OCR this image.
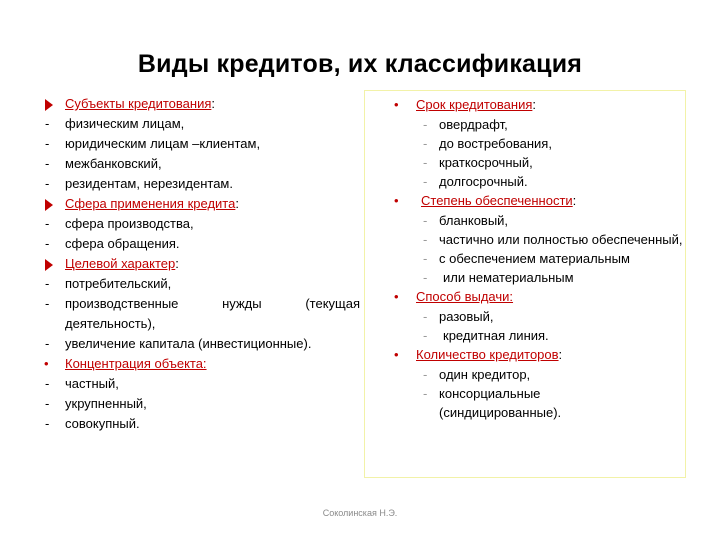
Виды кредитов, их классификация
Субъекты кредитования:
-	физическим лицам,
-	юридическим лицам –клиентам,
-	межбанковский,
-	резидентам, нерезидентам.
Сфера применения кредита:
-	сфера производства,
-	сфера обращения.
Целевой характер:
-	потребительский,
-	производственные нужды (текущая деятельность),
-	увеличение капитала (инвестиционные).
•	Концентрация объекта:
-	частный,
-	укрупненный,
-	совокупный.
•	Срок кредитования:
- овердрафт,
- до востребования,
- краткосрочный,
- долгосрочный.
•	Степень обеспеченности:
- бланковый,
- частично или полностью обеспеченный,
- с обеспечением материальным
-	или нематериальным
•	Способ выдачи:
- разовый,
-	кредитная линия.
•	Количество кредиторов:
- один кредитор,
- консорциальные (синдицированные).
Соколинская Н.Э.
